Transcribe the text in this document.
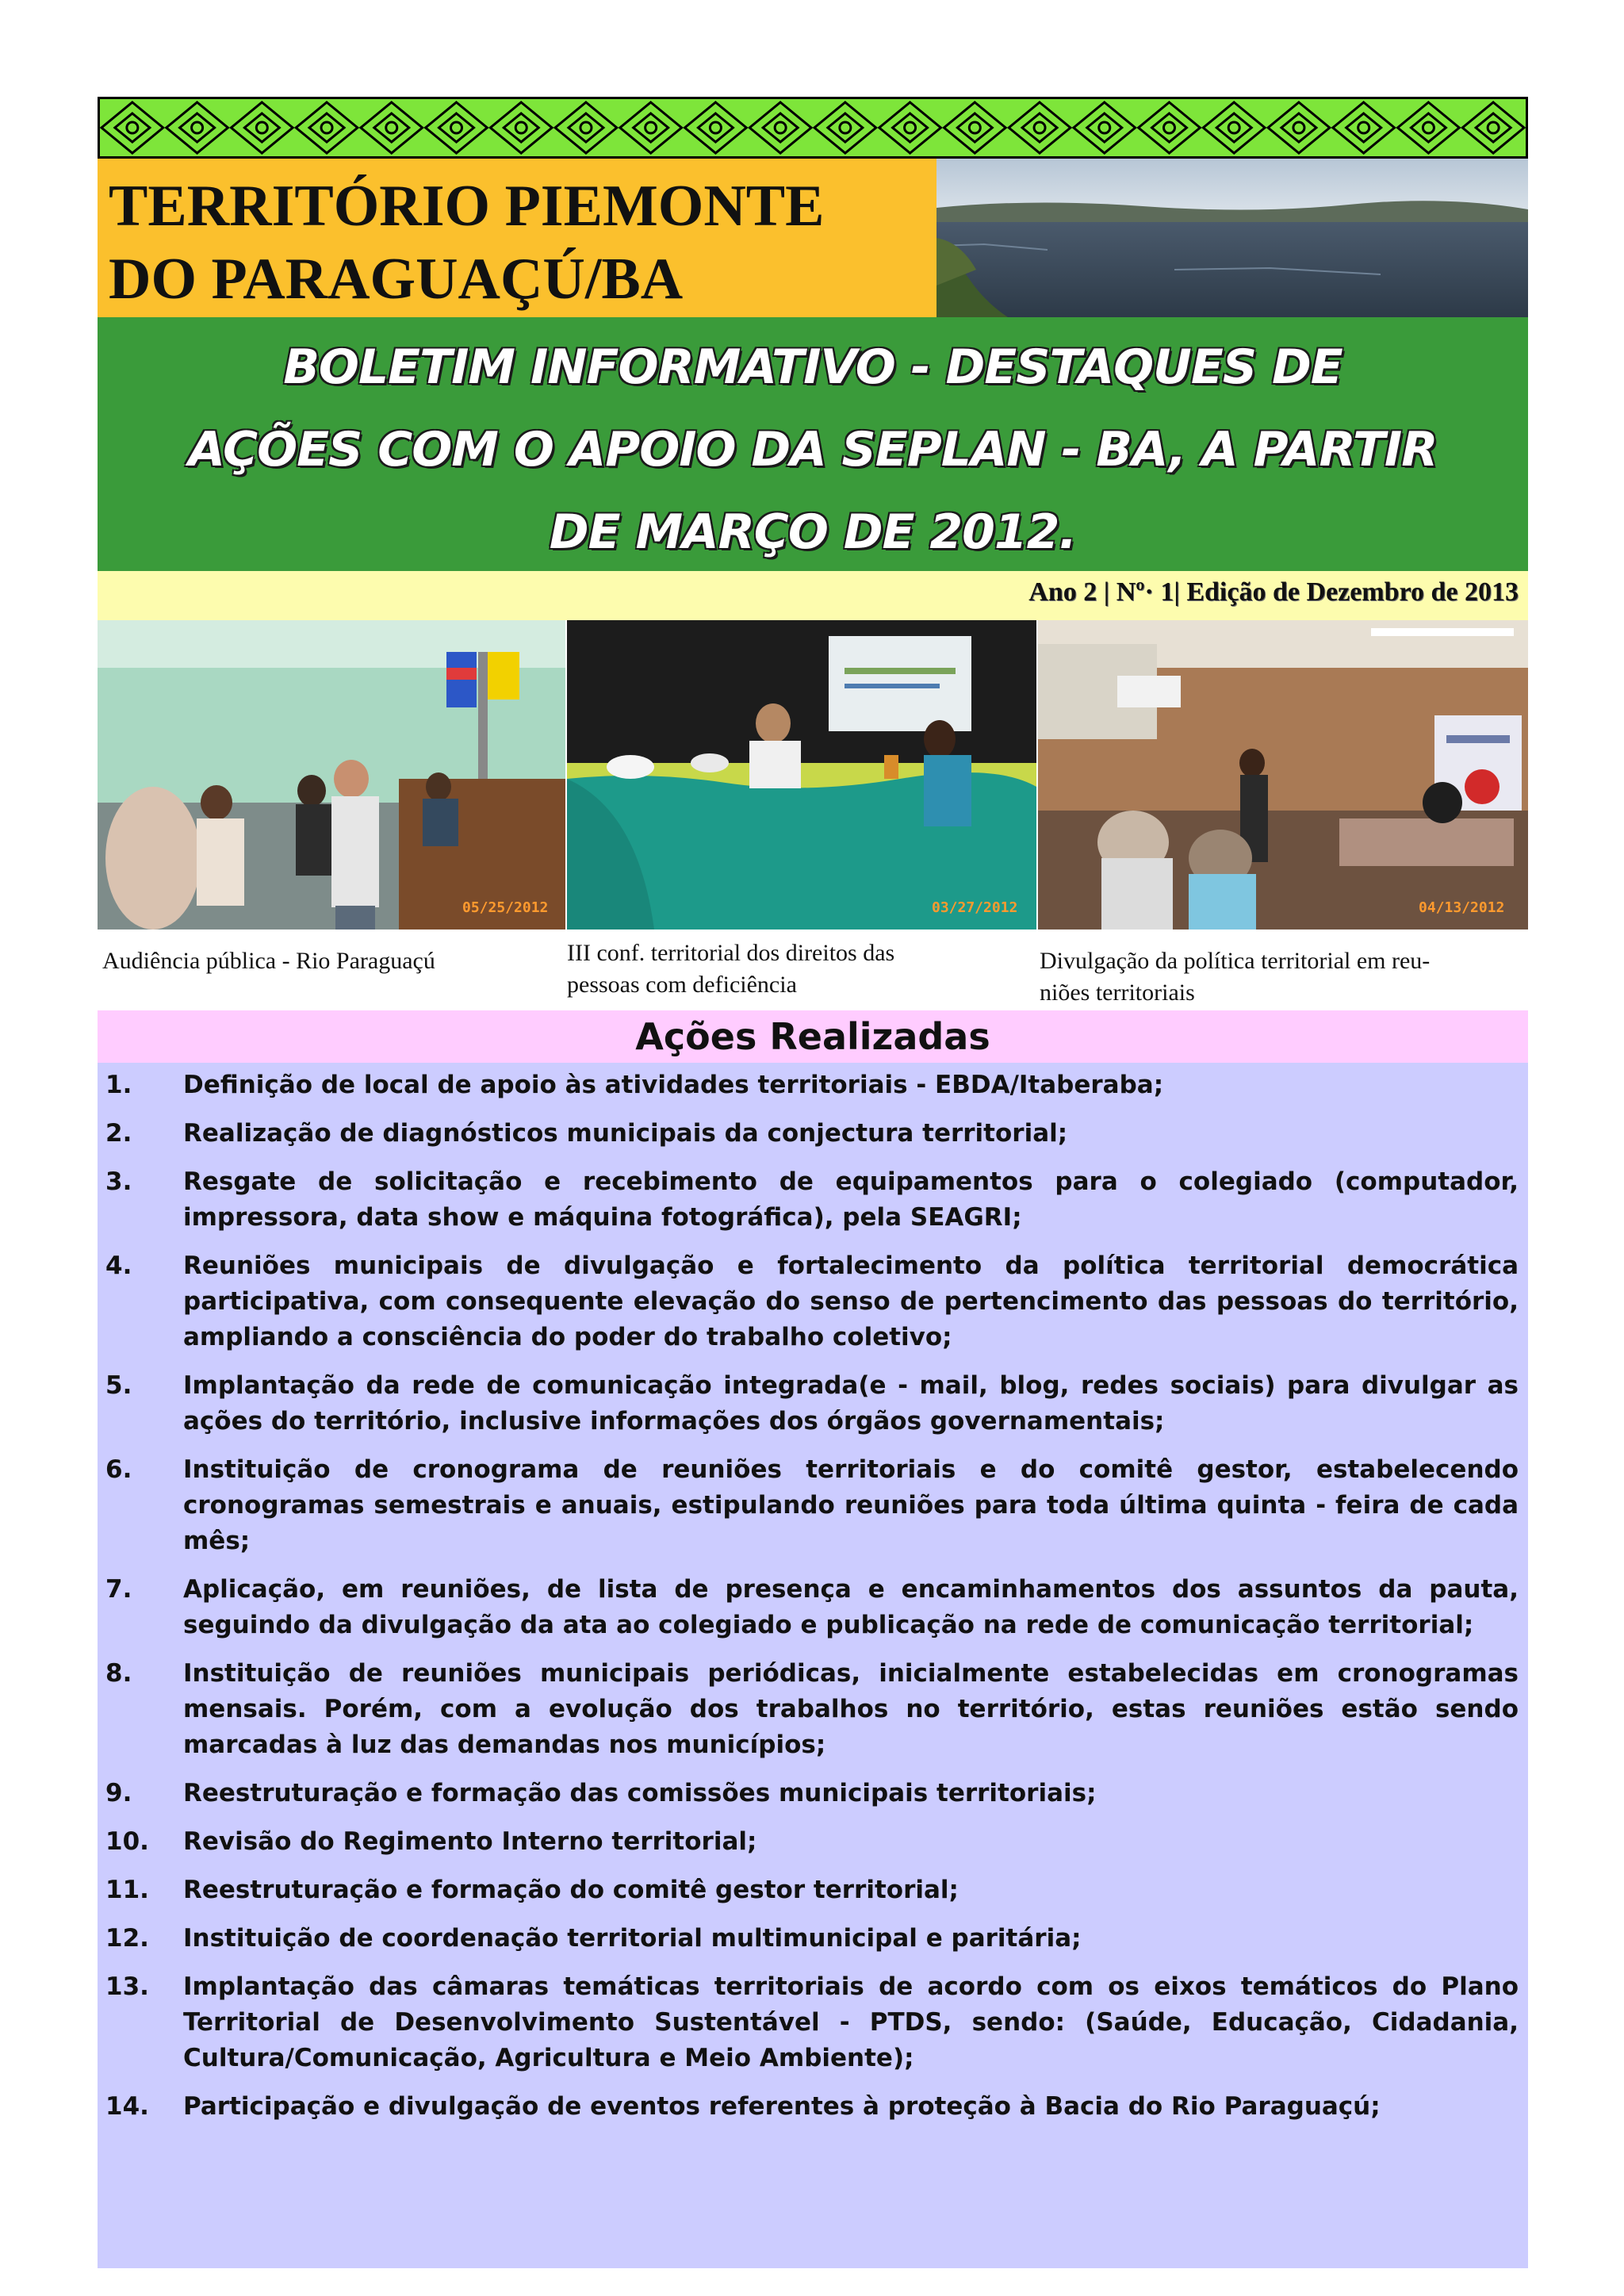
TERRITÓRIO PIEMONTE
DO PARAGUAÇÚ/BA
BOLETIM INFORMATIVO - DESTAQUES DE
AÇÕES COM O APOIO DA SEPLAN - BA, A PARTIR
DE MARÇO DE 2012.
Ano 2 | Nº· 1| Edição de Dezembro de 2013
05/25/2012	03/27/2012	04/13/2012
Audiência pública - Rio Paraguaçú	III conf. territorial dos direitos das
pessoas com deficiência
Divulgação da política territorial em reu-
niões territoriais
Ações Realizadas
1.	Definição de local de apoio às atividades territoriais - EBDA/Itaberaba;
2.	Realização de diagnósticos municipais da conjectura territorial;
3.	Resgate de solicitação e recebimento de equipamentos para o colegiado (computador, impressora, data show e máquina fotográfica), pela SEAGRI;
4.	Reuniões municipais de divulgação e fortalecimento da política territorial democrática participativa, com consequente elevação do senso de pertencimento das pessoas do território, ampliando a consciência do poder do trabalho coletivo;
5.	Implantação da rede de comunicação integrada(e - mail, blog, redes sociais) para divulgar as ações do território, inclusive informações dos órgãos governamentais;
6.	Instituição de cronograma de reuniões territoriais e do comitê gestor, estabelecendo cronogramas semestrais e anuais, estipulando reuniões para toda última quinta - feira de cada mês;
7.	Aplicação, em reuniões, de lista de presença e encaminhamentos dos assuntos da pauta, seguindo da divulgação da ata ao colegiado e publicação na rede de comunicação territorial;
8.	Instituição de reuniões municipais periódicas, inicialmente estabelecidas em cronogramas mensais. Porém, com a evolução dos trabalhos no território, estas reuniões estão sendo marcadas à luz das demandas nos municípios;
9.	Reestruturação e formação das comissões municipais territoriais;
10.	Revisão do Regimento Interno territorial;
11.	Reestruturação e formação do comitê gestor territorial;
12.	Instituição de coordenação territorial multimunicipal e paritária;
13.	Implantação das câmaras temáticas territoriais de acordo com os eixos temáticos do Plano Territorial de Desenvolvimento Sustentável - PTDS, sendo: (Saúde, Educação, Cidadania, Cultura/Comunicação, Agricultura e Meio Ambiente);
14.	Participação e divulgação de eventos referentes à proteção à Bacia do Rio Paraguaçú;
